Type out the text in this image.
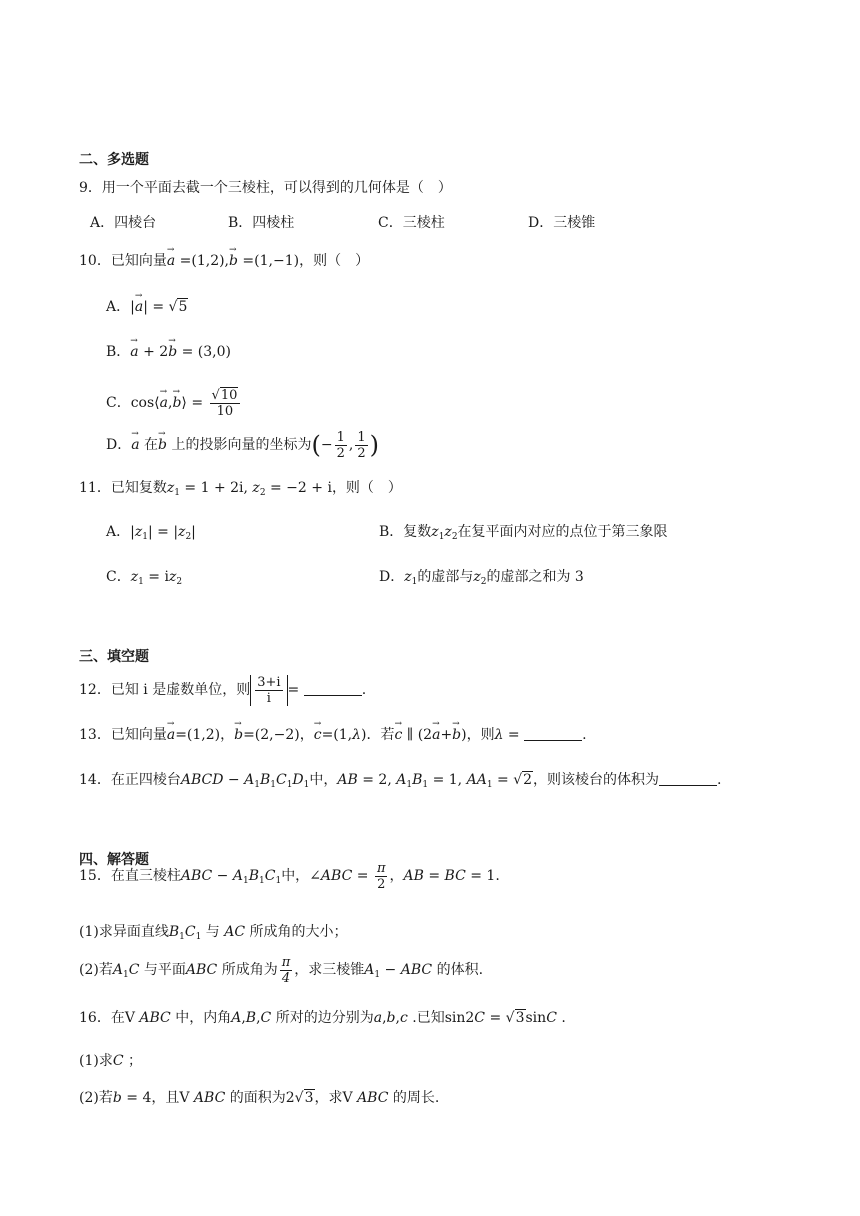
二、多选题
9．用一个平面去截一个三棱柱，可以得到的几何体是（　）
A．四棱台	B．四棱柱	C．三棱柱	D．三棱锥
10．已知向量→ a =(1,2),→ b =(1,−1)，则（　）
A．|→ a| = √5
B．→ a + 2→ b = (3,0)
C．cos⟨→ a,→ b⟩ = $\frac{√10}{10}$
D．→ a 在→ b 上的投影向量的坐标为(− $\frac{1}{2}$ , $\frac{1}{2}$ )
11．已知复数$z_1 = 1 + 2i$, $z_2 = -2 + i$，则（　）
A．$|z_1| = |z_2|$	B．复数$z_1z_2$在复平面内对应的点位于第三象限
C．$z_1 = iz_2$	D．$z_1$的虚部与$z_2$的虚部之和为 3
三、填空题
12．已知 i 是虚数单位，则 $\frac{3+i}{i}$ =	.
13．已知向量→ a=(1,2)，→ b=(2,−2)，→ c=(1,λ)．若→ c ∥ (2→ a+→ b)，则λ =	.
14．在正四棱台ABCD − $A_1B_1C_1D_1$中，AB = 2, $A_1B_1 = 1$, $AA_1 = √2$，则该棱台的体积为	.
四、解答题
15．在直三棱柱ABC − $A_1B_1C_1$中，∠ABC = $\frac{\pi}{2}$ ，AB = BC = 1.
(1)求异面直线$B_1C_1$ 与 AC 所成角的大小；
(2)若$A_1C$ 与平面ABC 所成角为 $\frac{\pi}{4}$ ，求三棱锥$A_1$ − ABC 的体积.
16．在V ABC 中，内角A,B,C 所对的边分别为a,b,c .已知sin2C = √3sinC .
(1)求C ；
(2)若b = 4，且V ABC 的面积为2√3，求V ABC 的周长.
